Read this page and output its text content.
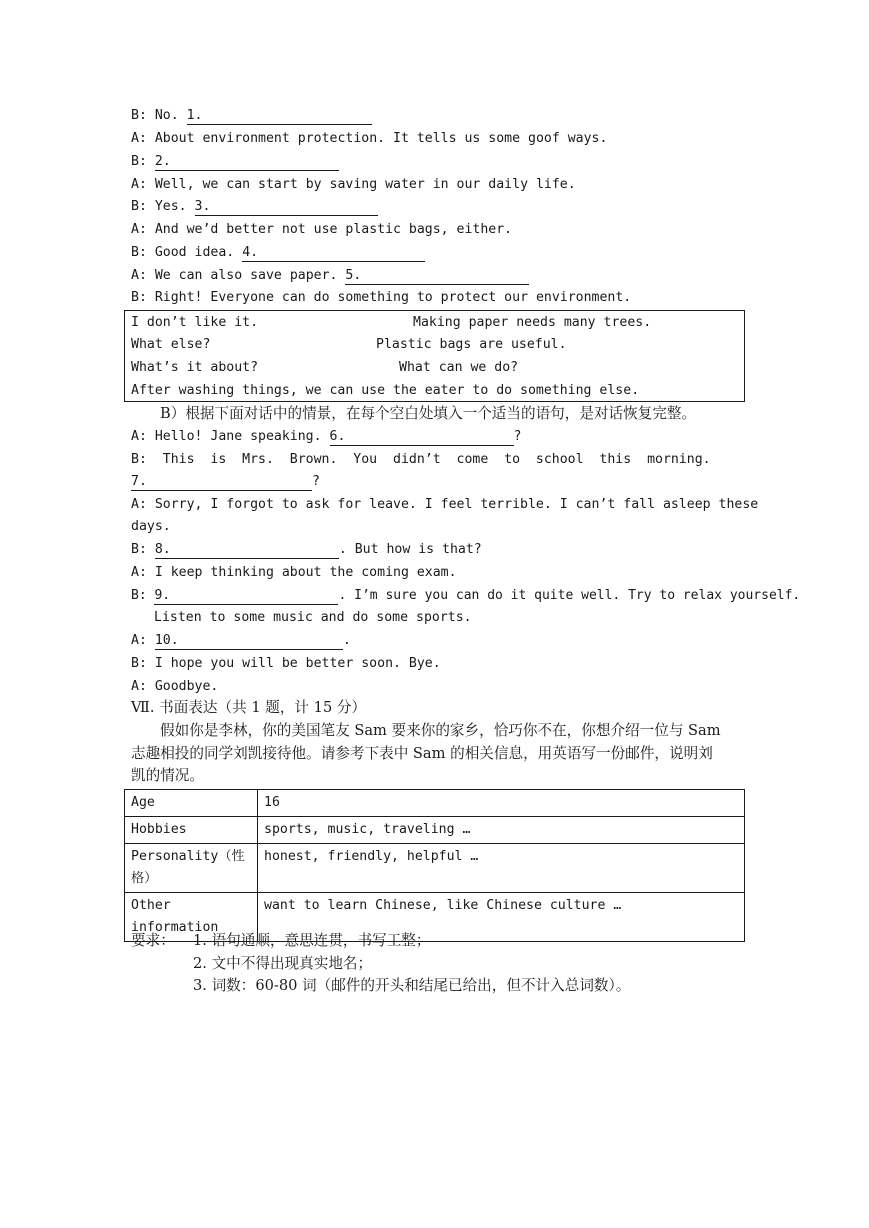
B: No. 1.
A: About environment protection. It tells us some goof ways.
B: 2.
A: Well, we can start by saving water in our daily life.
B: Yes. 3.
A: And we’d better not use plastic bags, either.
B: Good idea. 4.
A: We can also save paper. 5.
B: Right! Everyone can do something to protect our environment.
I don’t like it.	Making paper needs many trees.
What else?	Plastic bags are useful.
What’s it about?	What can we do?
After washing things, we can use the eater to do something else.
B）根据下面对话中的情景，在每个空白处填入一个适当的语句，是对话恢复完整。
A: Hello! Jane speaking. 6.	?
B:  This  is  Mrs.  Brown.  You  didn’t  come  to  school  this  morning.
7.	?
A: Sorry, I forgot to ask for leave. I feel terrible. I can’t fall asleep these
days.
B: 8.	. But how is that?
A: I keep thinking about the coming exam.
B: 9.	. I’m sure you can do it quite well. Try to relax yourself.
Listen to some music and do some sports.
A: 10.	.
B: I hope you will be better soon. Bye.
A: Goodbye.
Ⅶ. 书面表达（共 1 题，计 15 分）
假如你是李林，你的美国笔友 Sam 要来你的家乡，恰巧你不在，你想介绍一位与 Sam
志趣相投的同学刘凯接待他。请参考下表中 Sam 的相关信息，用英语写一份邮件，说明刘
凯的情况。
Age	16
Hobbies	sports, music, traveling …
Personality（性格）	honest, friendly, helpful …
Other information	want to learn Chinese, like Chinese culture …
要求： 1. 语句通顺，意思连贯，书写工整；
2. 文中不得出现真实地名；
3. 词数：60-80 词（邮件的开头和结尾已给出，但不计入总词数）。
